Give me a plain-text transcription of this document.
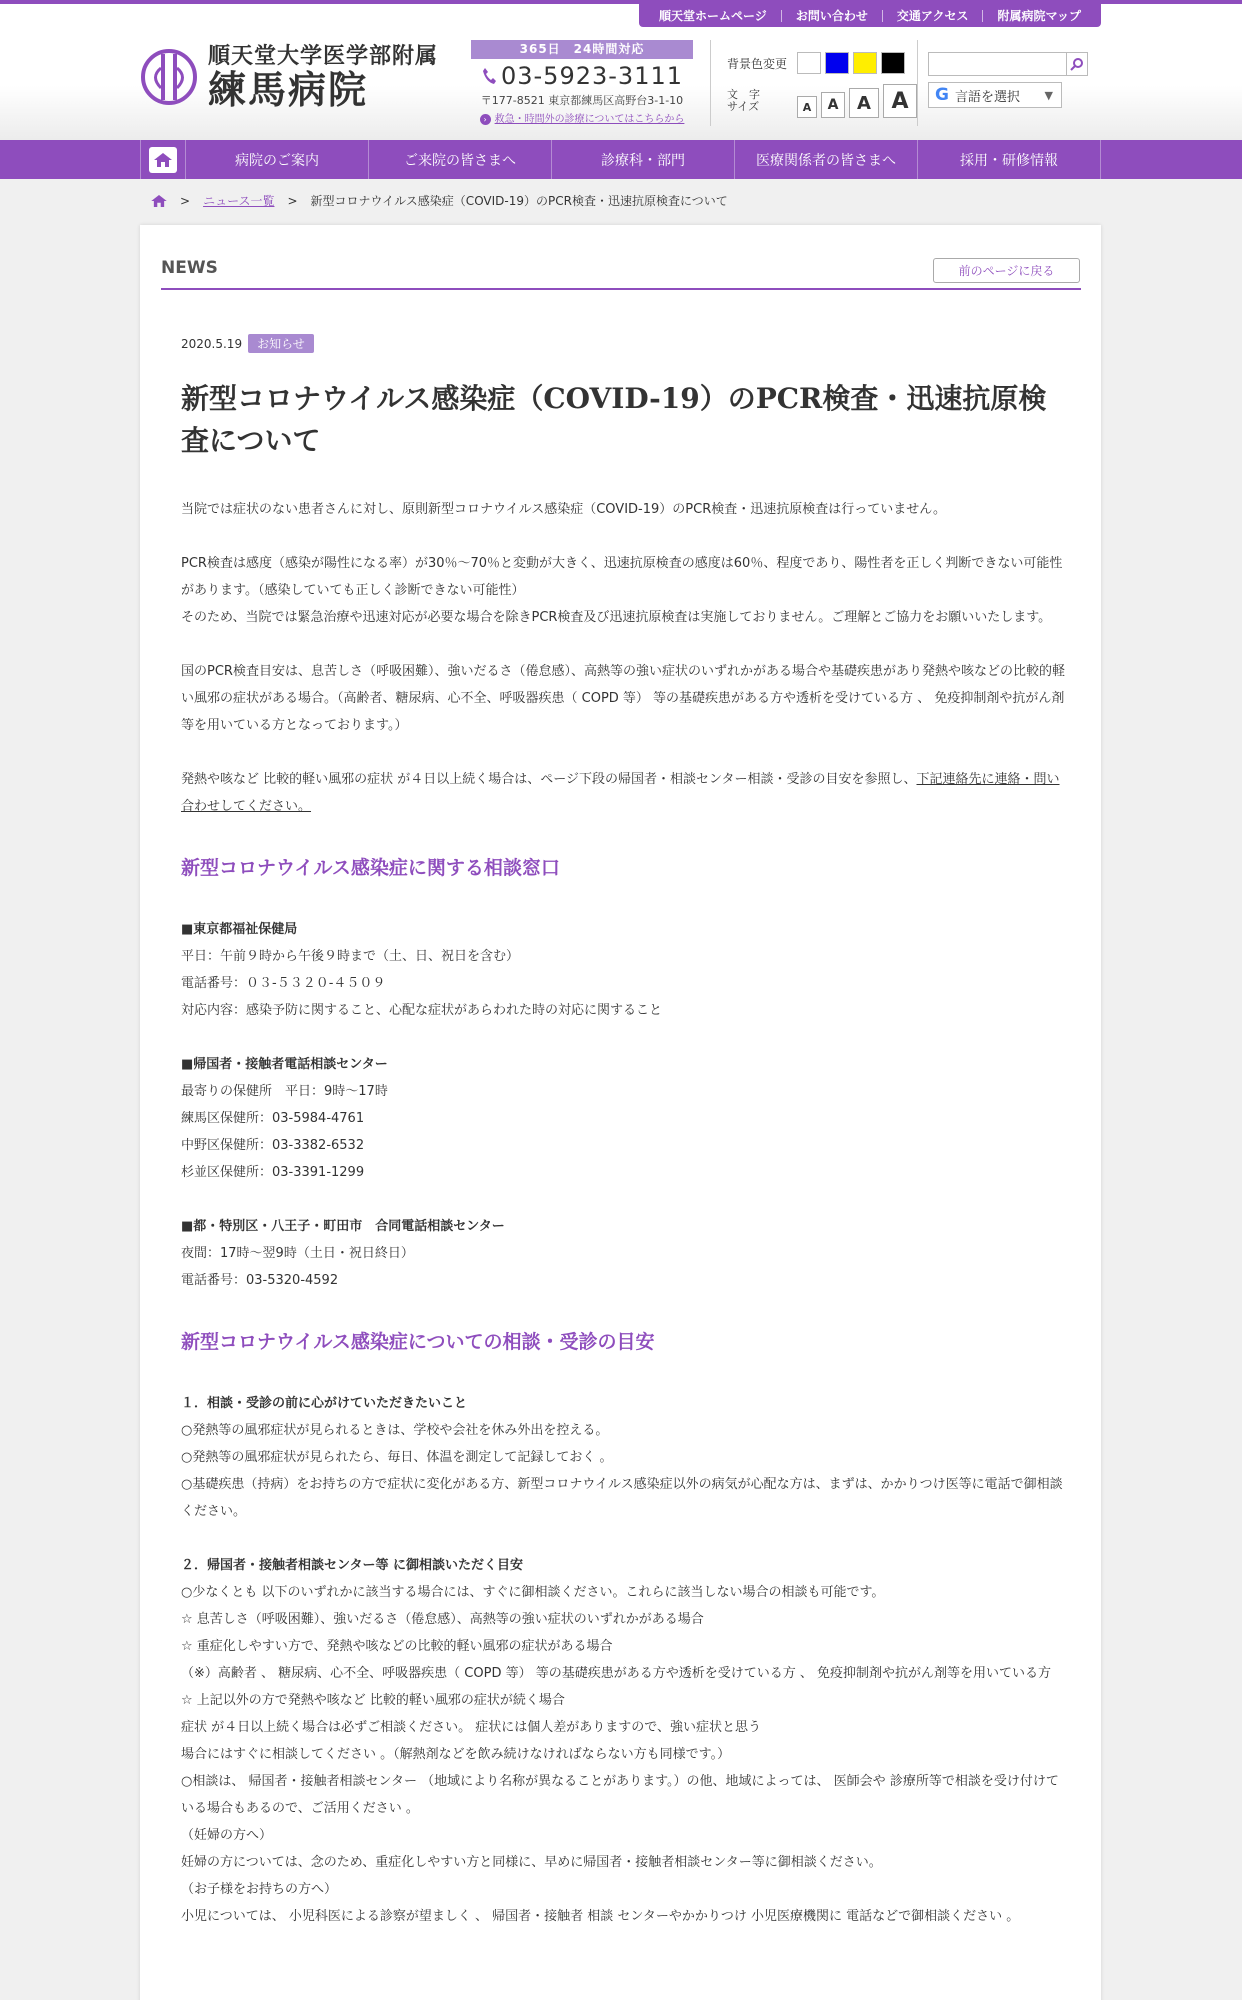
順天堂ホームページ	お問い合わせ	交通アクセス	附属病院マップ
順天堂大学医学部附属
練馬病院
365日　24時間対応
03-5923-3111
〒177-8521 東京都練馬区高野台3-1-10
› 救急・時間外の診療についてはこちらから
背景色変更
文　字
サイズ	A	A	A A	G 言語を選択 ▼
病院のご案内	ご来院の皆さまへ	診療科・部門	医療関係者の皆さまへ	採用・研修情報
> ニュース一覧 > 新型コロナウイルス感染症（COVID-19）のPCR検査・迅速抗原検査について
NEWS	前のページに戻る
2020.5.19	お知らせ
新型コロナウイルス感染症（COVID-19）のPCR検査・迅速抗原検査について

当院では症状のない患者さんに対し、原則新型コロナウイルス感染症（COVID-19）のPCR検査・迅速抗原検査は行っていません。

PCR検査は感度（感染が陽性になる率）が30％～70％と変動が大きく、迅速抗原検査の感度は60％、程度であり、陽性者を正しく判断できない可能性があります。（感染していても正しく診断できない可能性）

そのため、当院では緊急治療や迅速対応が必要な場合を除きPCR検査及び迅速抗原検査は実施しておりません。ご理解とご協力をお願いいたします。

国のPCR検査目安は、息苦しさ（呼吸困難）、強いだるさ（倦怠感）、高熱等の強い症状のいずれかがある場合や基礎疾患があり発熱や咳などの比較的軽い風邪の症状がある場合。（高齢者、糖尿病、心不全、呼吸器疾患（ COPD 等） 等の基礎疾患がある方や透析を受けている方 、 免疫抑制剤や抗がん剤等を用いている方となっております。）

発熱や咳など 比較的軽い風邪の症状 が４日以上続く場合は、ページ下段の帰国者・相談センター相談・受診の目安を参照し、下記連絡先に連絡・問い合わせしてください。

新型コロナウイルス感染症に関する相談窓口

■東京都福祉保健局

平日：午前９時から午後９時まで（土、日、祝日を含む）

電話番号：０３-５３２０-４５０９

対応内容：感染予防に関すること、心配な症状があらわれた時の対応に関すること

■帰国者・接触者電話相談センター

最寄りの保健所　平日：9時～17時

練馬区保健所：03-5984-4761

中野区保健所：03-3382-6532

杉並区保健所：03-3391-1299

■都・特別区・八王子・町田市　合同電話相談センター

夜間：17時～翌9時（土日・祝日終日）

電話番号：03-5320-4592

新型コロナウイルス感染症についての相談・受診の目安

１．相談・受診の前に心がけていただきたいこと

○発熱等の風邪症状が見られるときは、学校や会社を休み外出を控える。

○発熱等の風邪症状が見られたら、毎日、体温を測定して記録しておく 。

○基礎疾患（持病）をお持ちの方で症状に変化がある方、新型コロナウイルス感染症以外の病気が心配な方は、まずは、かかりつけ医等に電話で御相談ください。

２．帰国者・接触者相談センター等 に御相談いただく目安

○少なくとも 以下のいずれかに該当する場合には、すぐに御相談ください。これらに該当しない場合の相談も可能です。

☆ 息苦しさ（呼吸困難）、強いだるさ（倦怠感）、高熱等の強い症状のいずれかがある場合

☆ 重症化しやすい方で、発熱や咳などの比較的軽い風邪の症状がある場合

（※）高齢者 、 糖尿病、心不全、呼吸器疾患（ COPD 等） 等の基礎疾患がある方や透析を受けている方 、 免疫抑制剤や抗がん剤等を用いている方

☆ 上記以外の方で発熱や咳など 比較的軽い風邪の症状が続く場合

症状 が４日以上続く場合は必ずご相談ください。 症状には個人差がありますので、強い症状と思う

場合にはすぐに相談してください 。（解熱剤などを飲み続けなければならない方も同様です。）

○相談は、 帰国者・接触者相談センター （地域により名称が異なることがあります。）の他、地域によっては、 医師会や 診療所等で相談を受け付けている場合もあるので、ご活用ください 。

（妊婦の方へ）

妊婦の方については、念のため、重症化しやすい方と同様に、早めに帰国者・接触者相談センター等に御相談ください。

（お子様をお持ちの方へ）

小児については、 小児科医による診察が望ましく 、 帰国者・接触者 相談 センターやかかりつけ 小児医療機関に 電話などで御相談ください 。
